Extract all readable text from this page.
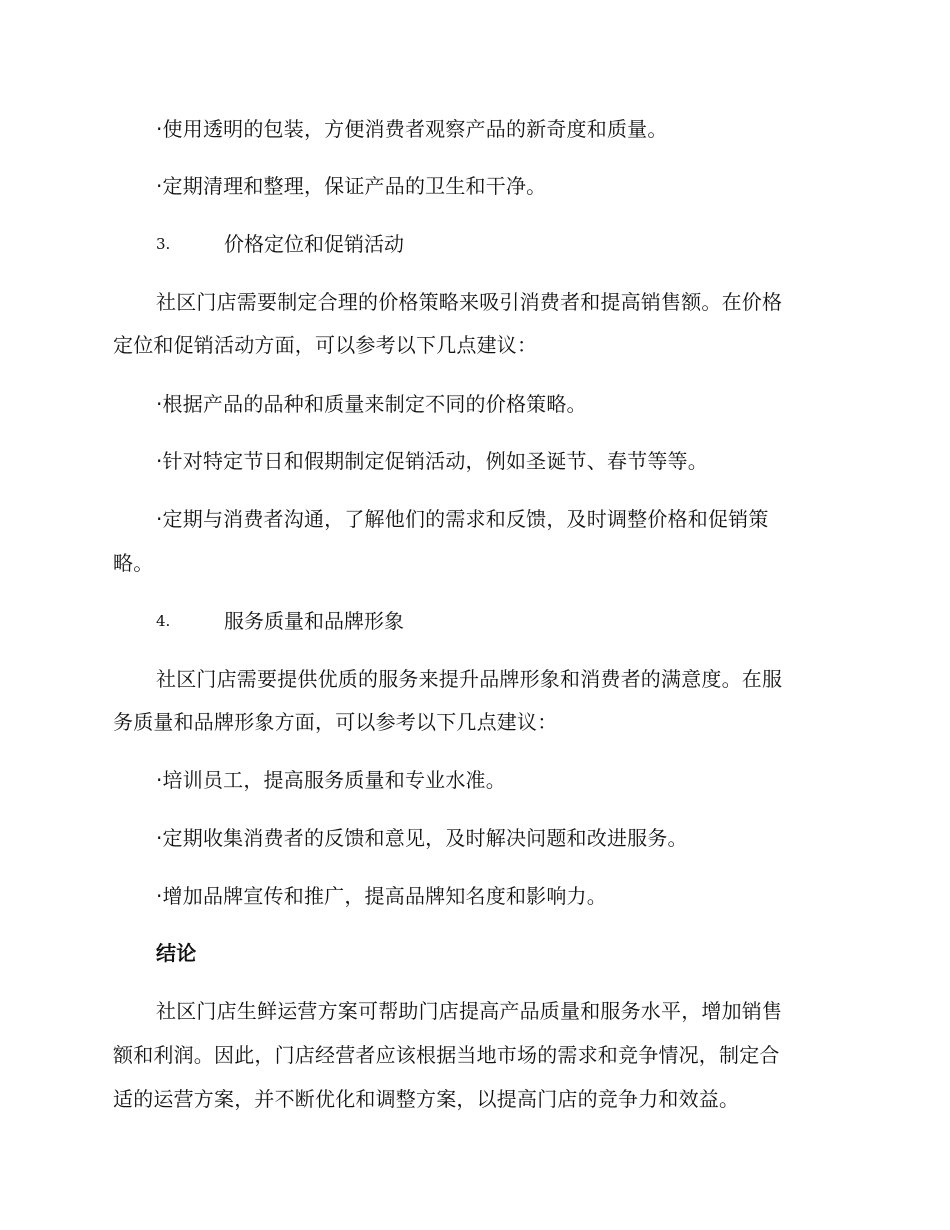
·使用透明的包装，方便消费者观察产品的新奇度和质量。
·定期清理和整理，保证产品的卫生和干净。
3.	价格定位和促销活动
社区门店需要制定合理的价格策略来吸引消费者和提高销售额。在价格
定位和促销活动方面，可以参考以下几点建议：
·根据产品的品种和质量来制定不同的价格策略。
·针对特定节日和假期制定促销活动，例如圣诞节、春节等等。
·定期与消费者沟通，了解他们的需求和反馈，及时调整价格和促销策
略。
4.	服务质量和品牌形象
社区门店需要提供优质的服务来提升品牌形象和消费者的满意度。在服
务质量和品牌形象方面，可以参考以下几点建议：
·培训员工，提高服务质量和专业水准。
·定期收集消费者的反馈和意见，及时解决问题和改进服务。
·增加品牌宣传和推广，提高品牌知名度和影响力。
结论
社区门店生鲜运营方案可帮助门店提高产品质量和服务水平，增加销售
额和利润。因此，门店经营者应该根据当地市场的需求和竞争情况，制定合
适的运营方案，并不断优化和调整方案，以提高门店的竞争力和效益。
